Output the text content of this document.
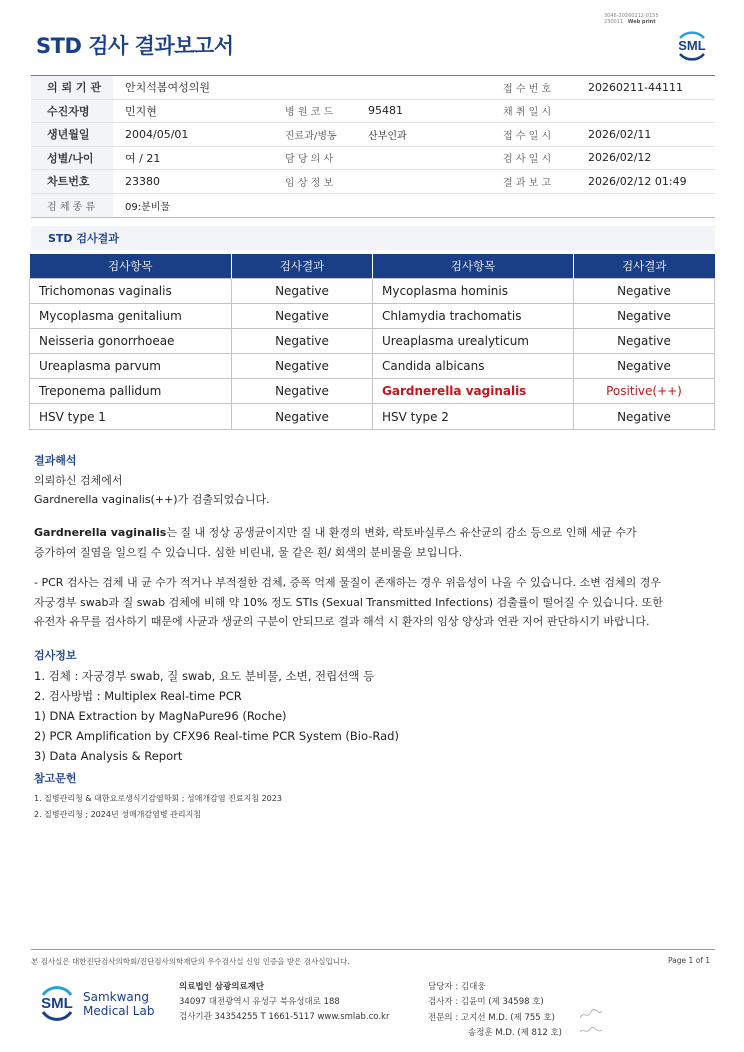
3046-20260212-0155
230011 Web print
STD 검사 결과보고서	SML
의 뢰 기 관	안치석봄여성의원	접 수 번 호	20260211-44111
수진자명	민지현	병 원 코 드	95481	채 취 일 시
생년월일	2004/05/01	진료과/병동	산부인과	접 수 일 시	2026/02/11
성별/나이	여 / 21	담 당 의 사	검 사 일 시	2026/02/12
차트번호	23380	임 상 정 보	결 과 보 고	2026/02/12 01:49
검 체 종 류	09:분비물
STD 검사결과
검사항목	검사결과	검사항목	검사결과
Trichomonas vaginalis	Negative	Mycoplasma hominis	Negative
Mycoplasma genitalium	Negative	Chlamydia trachomatis	Negative
Neisseria gonorrhoeae	Negative	Ureaplasma urealyticum	Negative
Ureaplasma parvum	Negative	Candida albicans	Negative
Treponema pallidum	Negative	Gardnerella vaginalis	Positive(++)
HSV type 1	Negative	HSV type 2	Negative
결과해석
의뢰하신 검체에서
Gardnerella vaginalis(++)가 검출되었습니다.
Gardnerella vaginalis는 질 내 정상 공생균이지만 질 내 환경의 변화, 락토바실루스 유산균의 감소 등으로 인해 세균 수가
증가하여 질염을 일으킬 수 있습니다. 심한 비린내, 물 같은 흰/ 회색의 분비물을 보입니다.
- PCR 검사는 검체 내 균 수가 적거나 부적절한 검체, 증폭 억제 물질이 존재하는 경우 위음성이 나올 수 있습니다. 소변 검체의 경우
자궁경부 swab과 질 swab 검체에 비해 약 10% 정도 STIs (Sexual Transmitted Infections) 검출률이 떨어질 수 있습니다. 또한
유전자 유무를 검사하기 때문에 사균과 생균의 구분이 안되므로 결과 해석 시 환자의 임상 양상과 연관 지어 판단하시기 바랍니다.
검사정보
1. 검체 : 자궁경부 swab, 질 swab, 요도 분비물, 소변, 전립선액 등
2. 검사방법 : Multiplex Real-time PCR
1) DNA Extraction by MagNaPure96 (Roche)
2) PCR Amplification by CFX96 Real-time PCR System (Bio-Rad)
3) Data Analysis & Report
참고문헌
1. 질병관리청 & 대한요로생식기감염학회 ; 성매개감염 진료지침 2023
2. 질병관리청 ; 2024년 성매개감염병 관리지침
본 검사실은 대한진단검사의학회/진단검사의학재단의 우수검사실 신임 인증을 받은 검사실입니다.	Page 1 of 1
SML Samkwang
Medical Lab
의료법인 삼광의료재단
34097 대전광역시 유성구 북유성대로 188
검사기관 34354255 T 1661-5117 www.smlab.co.kr
담당자 : 김대웅
검사자 : 김윤미 (제 34598 호)
전문의 : 고지선 M.D. (제 755 호)
송정훈 M.D. (제 812 호)
